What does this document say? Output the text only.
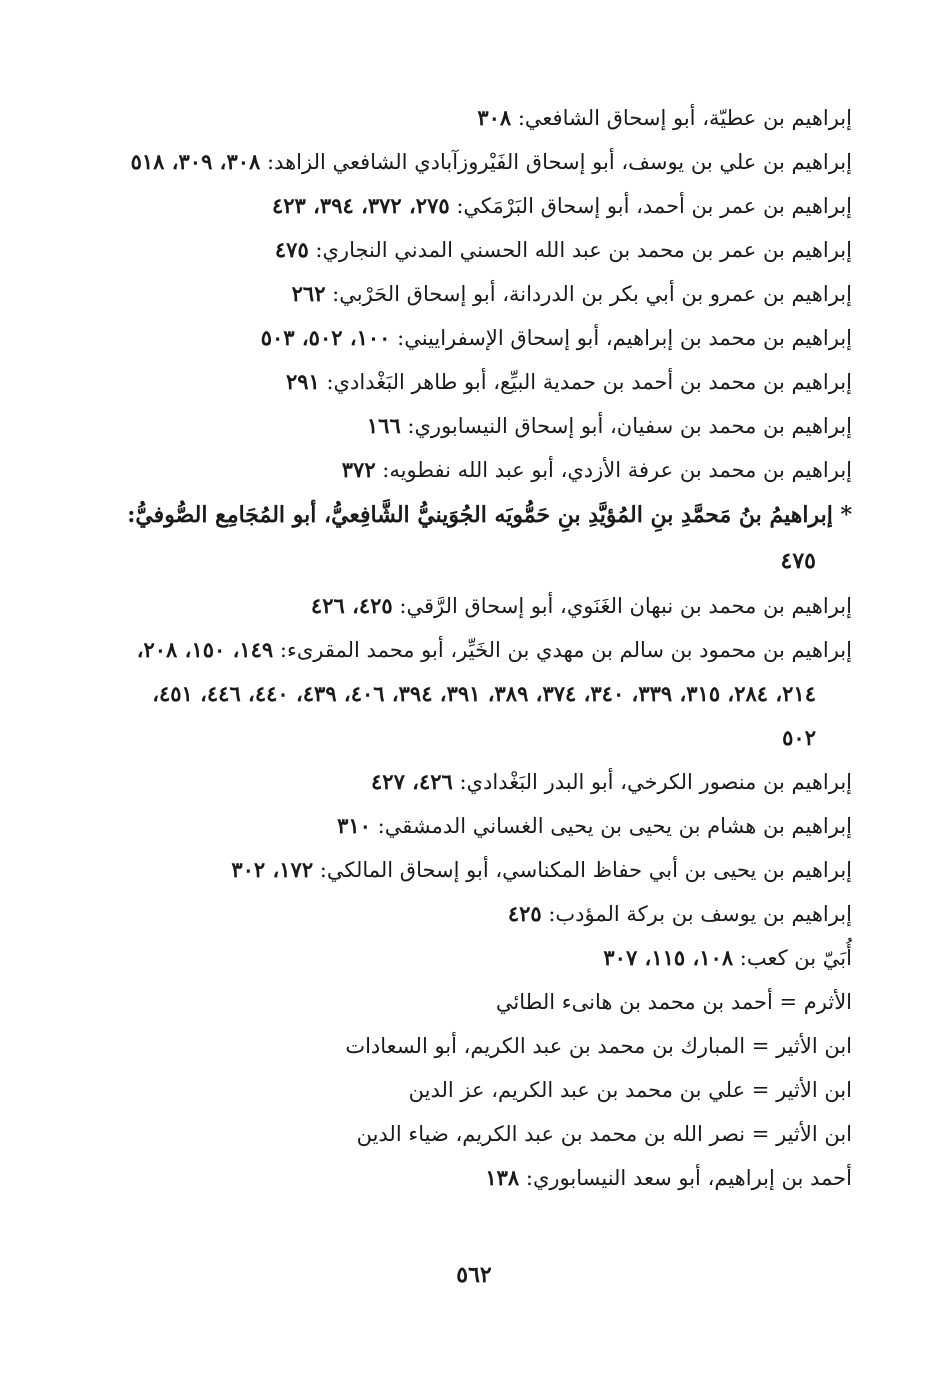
إبراهيم بن عطيّة، أبو إسحاق الشافعي: ٣٠٨
إبراهيم بن علي بن يوسف، أبو إسحاق الفَيْروزآبادي الشافعي الزاهد: ٣٠٨، ٣٠٩، ٥١٨
إبراهيم بن عمر بن أحمد، أبو إسحاق البَرْمَكي: ٢٧٥، ٣٧٢، ٣٩٤، ٤٢٣
إبراهيم بن عمر بن محمد بن عبد الله الحسني المدني النجاري: ٤٧٥
إبراهيم بن عمرو بن أبي بكر بن الدردانة، أبو إسحاق الحَرْبي: ٢٦٢
إبراهيم بن محمد بن إبراهيم، أبو إسحاق الإسفراييني: ١٠٠، ٥٠٢، ٥٠٣
إبراهيم بن محمد بن أحمد بن حمدية البيِّع، أبو طاهر البَغْدادي: ٢٩١
إبراهيم بن محمد بن سفيان، أبو إسحاق النيسابوري: ١٦٦
إبراهيم بن محمد بن عرفة الأزدي، أبو عبد الله نفطويه: ٣٧٢
* إبراهيمُ بنُ مَحمَّدِ بنِ المُؤيَّدِ بنِ حَمُّويَه الجُوَينيُّ الشَّافِعيُّ، أبو المُجَامِع الصُّوفيُّ: ٤٧٥
إبراهيم بن محمد بن نبهان الغَنَوي، أبو إسحاق الرَّقي: ٤٢٥، ٤٢٦
إبراهيم بن محمود بن سالم بن مهدي بن الخَيِّر، أبو محمد المقرىء: ١٤٩، ١٥٠، ٢٠٨، ٢١٤، ٢٨٤، ٣١٥، ٣٣٩، ٣٤٠، ٣٧٤، ٣٨٩، ٣٩١، ٣٩٤، ٤٠٦، ٤٣٩، ٤٤٠، ٤٤٦، ٤٥١، ٥٠٢
إبراهيم بن منصور الكرخي، أبو البدر البَغْدادي: ٤٢٦، ٤٢٧
إبراهيم بن هشام بن يحيى بن يحيى الغساني الدمشقي: ٣١٠
إبراهيم بن يحيى بن أبي حفاظ المكناسي، أبو إسحاق المالكي: ١٧٢، ٣٠٢
إبراهيم بن يوسف بن بركة المؤدب: ٤٢٥
أُبَيّ بن كعب: ١٠٨، ١١٥، ٣٠٧
الأثرم = أحمد بن محمد بن هانىء الطائي
ابن الأثير = المبارك بن محمد بن عبد الكريم، أبو السعادات
ابن الأثير = علي بن محمد بن عبد الكريم، عز الدين
ابن الأثير = نصر الله بن محمد بن عبد الكريم، ضياء الدين
أحمد بن إبراهيم، أبو سعد النيسابوري: ١٣٨
٥٦٢
